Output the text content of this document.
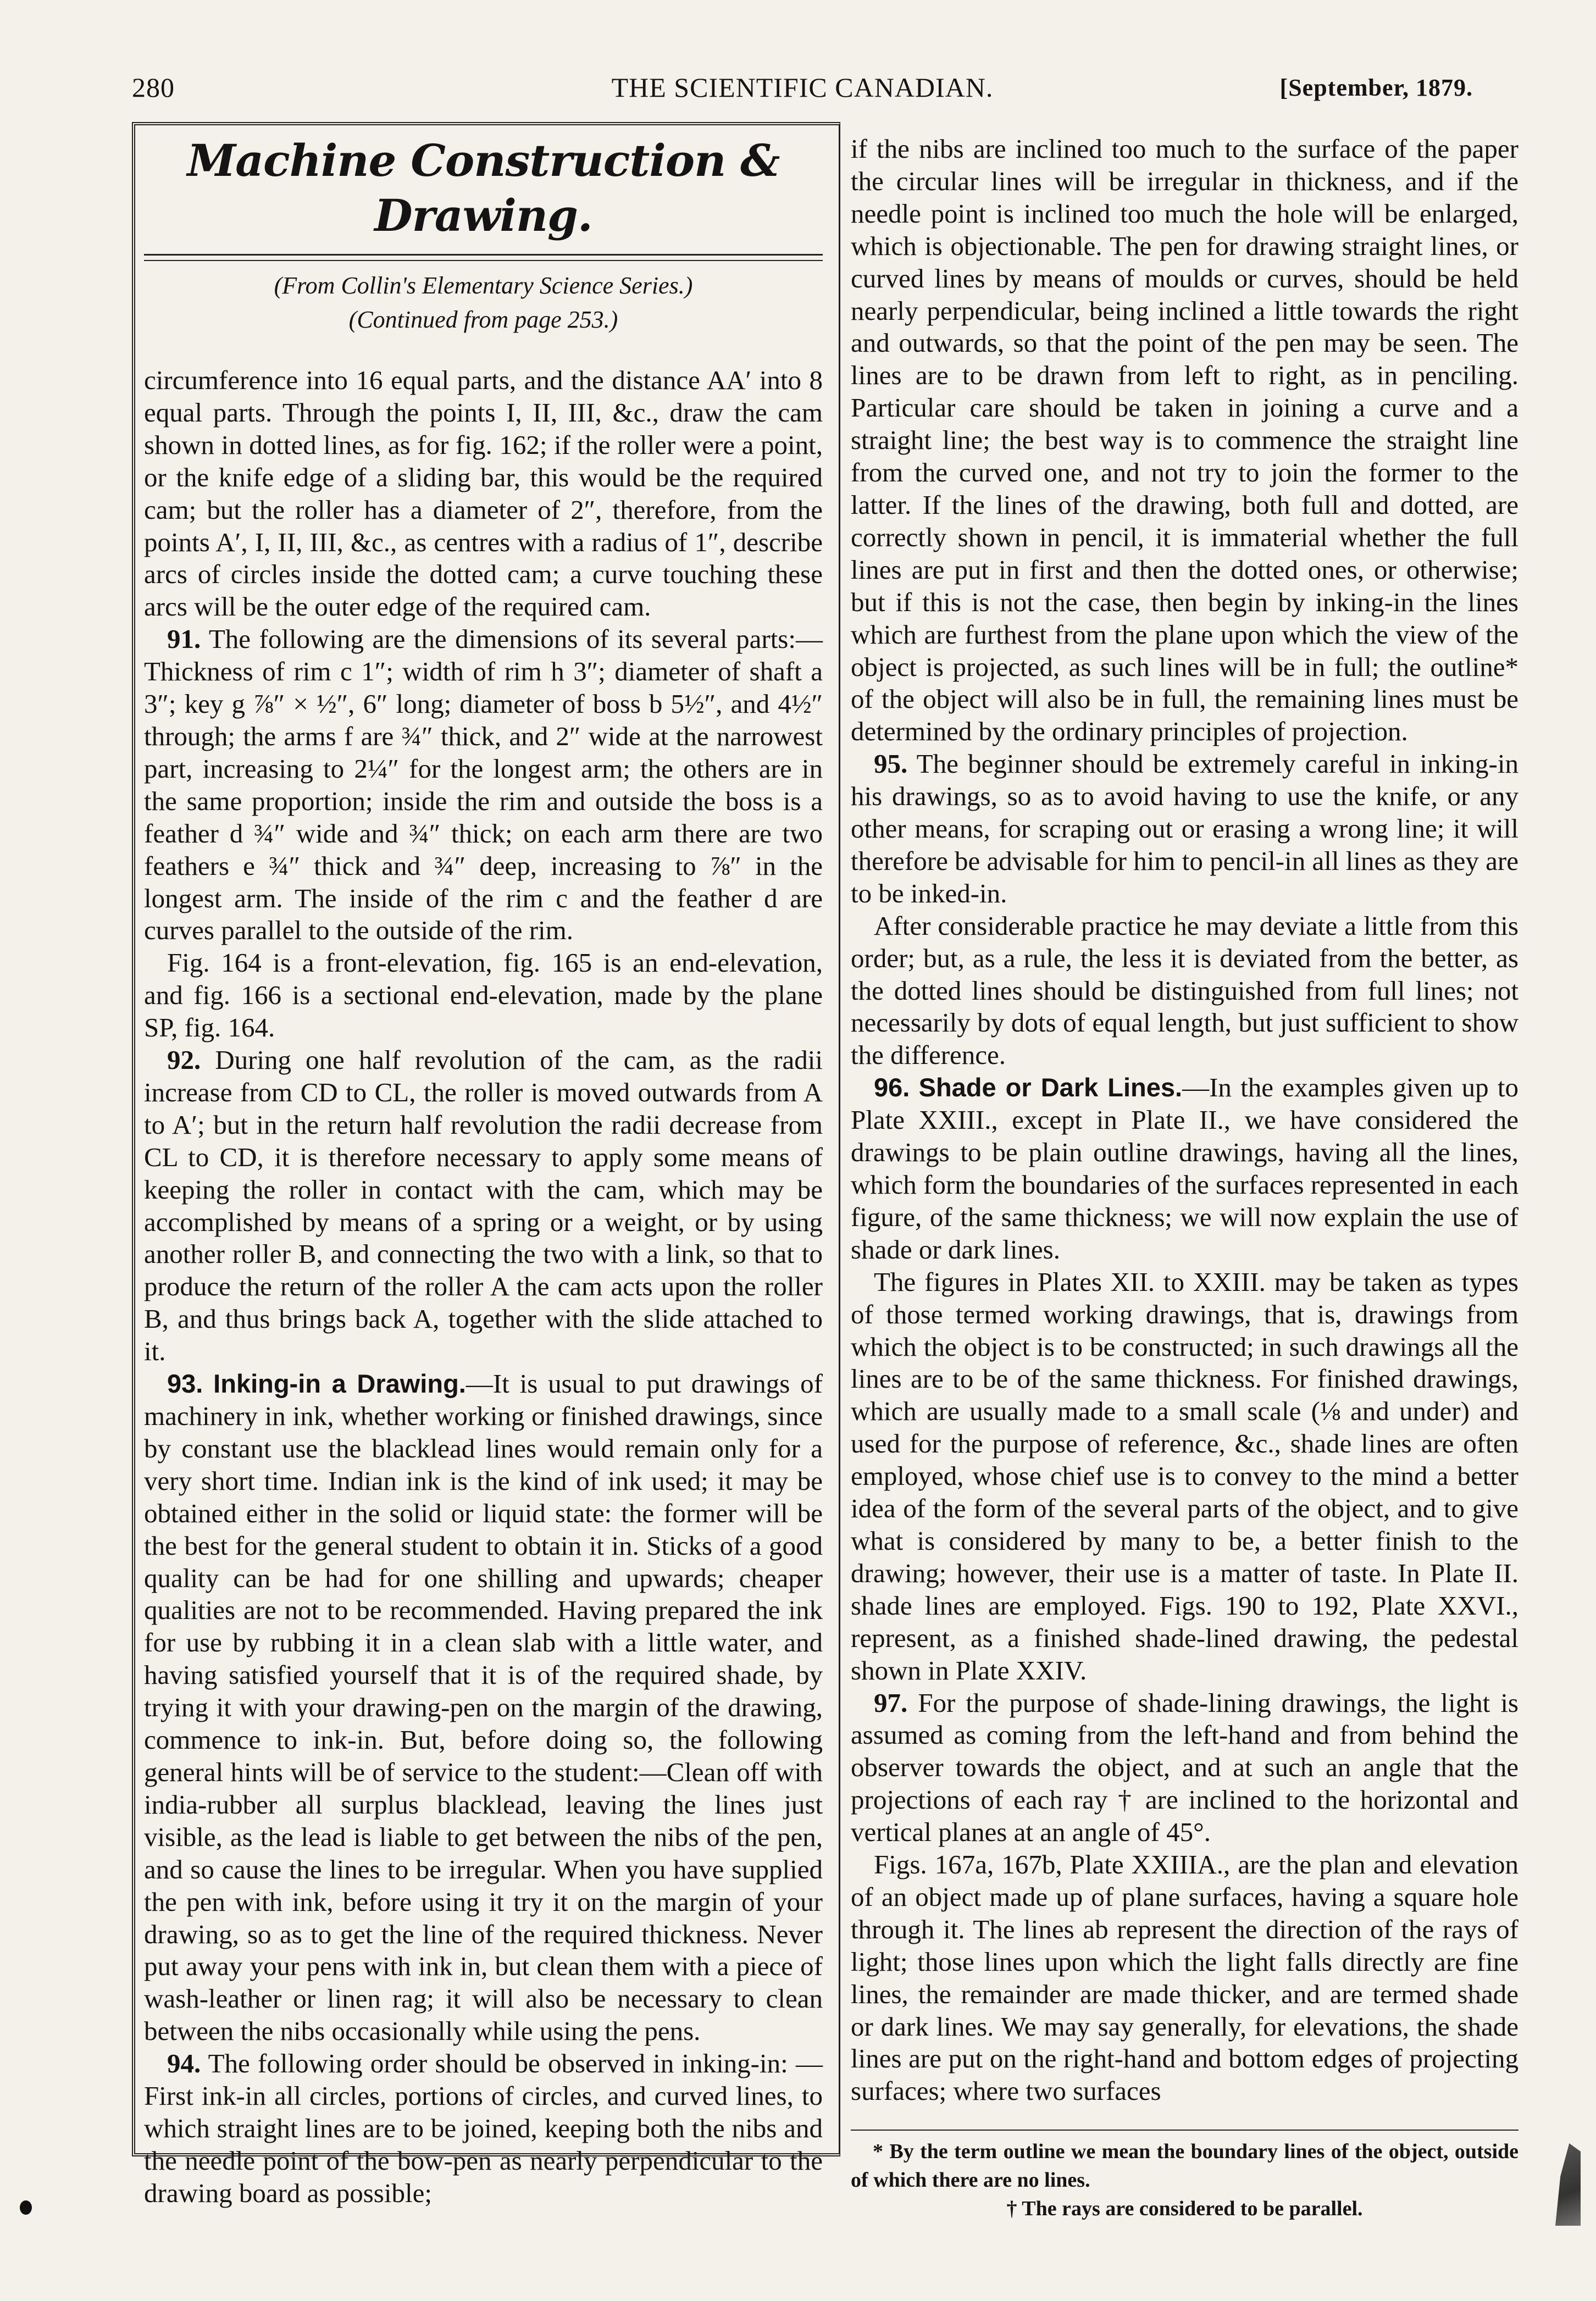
280	THE SCIENTIFIC CANADIAN.	[September, 1879.
Machine Construction & Drawing.
(From Collin's Elementary Science Series.)
(Continued from page 253.)

circumference into 16 equal parts, and the distance AA′ into 8 equal parts. Through the points I, II, III, &c., draw the cam shown in dotted lines, as for fig. 162; if the roller were a point, or the knife edge of a sliding bar, this would be the required cam; but the roller has a diameter of 2″, therefore, from the points A′, I, II, III, &c., as centres with a radius of 1″, describe arcs of circles inside the dotted cam; a curve touching these arcs will be the outer edge of the required cam.

91. The following are the dimensions of its several parts:—Thickness of rim c 1″; width of rim h 3″; diameter of shaft a 3″; key g ⅞″ × ½″, 6″ long; diameter of boss b 5½″, and 4½″ through; the arms f are ¾″ thick, and 2″ wide at the narrowest part, increasing to 2¼″ for the longest arm; the others are in the same proportion; inside the rim and outside the boss is a feather d ¾″ wide and ¾″ thick; on each arm there are two feathers e ¾″ thick and ¾″ deep, increasing to ⅞″ in the longest arm. The inside of the rim c and the feather d are curves parallel to the outside of the rim.

Fig. 164 is a front-elevation, fig. 165 is an end-elevation, and fig. 166 is a sectional end-elevation, made by the plane SP, fig. 164.

92. During one half revolution of the cam, as the radii increase from CD to CL, the roller is moved outwards from A to A′; but in the return half revolution the radii decrease from CL to CD, it is therefore necessary to apply some means of keeping the roller in contact with the cam, which may be accomplished by means of a spring or a weight, or by using another roller B, and connecting the two with a link, so that to produce the return of the roller A the cam acts upon the roller B, and thus brings back A, together with the slide attached to it.

93. Inking-in a Drawing.—It is usual to put drawings of machinery in ink, whether working or finished drawings, since by constant use the blacklead lines would remain only for a very short time. Indian ink is the kind of ink used; it may be obtained either in the solid or liquid state: the former will be the best for the general student to obtain it in. Sticks of a good quality can be had for one shilling and upwards; cheaper qualities are not to be recommended. Having prepared the ink for use by rubbing it in a clean slab with a little water, and having satisfied yourself that it is of the required shade, by trying it with your drawing-pen on the margin of the drawing, commence to ink-in. But, before doing so, the following general hints will be of service to the student:—Clean off with india-rubber all surplus blacklead, leaving the lines just visible, as the lead is liable to get between the nibs of the pen, and so cause the lines to be irregular. When you have supplied the pen with ink, before using it try it on the margin of your drawing, so as to get the line of the required thickness. Never put away your pens with ink in, but clean them with a piece of wash-leather or linen rag; it will also be necessary to clean between the nibs occasionally while using the pens.

94. The following order should be observed in inking-in: —First ink-in all circles, portions of circles, and curved lines, to which straight lines are to be joined, keeping both the nibs and the needle point of the bow-pen as nearly perpendicular to the drawing board as possible;

if the nibs are inclined too much to the surface of the paper the circular lines will be irregular in thickness, and if the needle point is inclined too much the hole will be enlarged, which is objectionable. The pen for drawing straight lines, or curved lines by means of moulds or curves, should be held nearly perpendicular, being inclined a little towards the right and outwards, so that the point of the pen may be seen. The lines are to be drawn from left to right, as in penciling. Particular care should be taken in joining a curve and a straight line; the best way is to commence the straight line from the curved one, and not try to join the former to the latter. If the lines of the drawing, both full and dotted, are correctly shown in pencil, it is immaterial whether the full lines are put in first and then the dotted ones, or otherwise; but if this is not the case, then begin by inking-in the lines which are furthest from the plane upon which the view of the object is projected, as such lines will be in full; the outline* of the object will also be in full, the remaining lines must be determined by the ordinary principles of projection.

95. The beginner should be extremely careful in inking-in his drawings, so as to avoid having to use the knife, or any other means, for scraping out or erasing a wrong line; it will therefore be advisable for him to pencil-in all lines as they are to be inked-in.

After considerable practice he may deviate a little from this order; but, as a rule, the less it is deviated from the better, as the dotted lines should be distinguished from full lines; not necessarily by dots of equal length, but just sufficient to show the difference.

96. Shade or Dark Lines.—In the examples given up to Plate XXIII., except in Plate II., we have considered the drawings to be plain outline drawings, having all the lines, which form the boundaries of the surfaces represented in each figure, of the same thickness; we will now explain the use of shade or dark lines.

The figures in Plates XII. to XXIII. may be taken as types of those termed working drawings, that is, drawings from which the object is to be constructed; in such drawings all the lines are to be of the same thickness. For finished drawings, which are usually made to a small scale (⅛ and under) and used for the purpose of reference, &c., shade lines are often employed, whose chief use is to convey to the mind a better idea of the form of the several parts of the object, and to give what is considered by many to be, a better finish to the drawing; however, their use is a matter of taste. In Plate II. shade lines are employed. Figs. 190 to 192, Plate XXVI., represent, as a finished shade-lined drawing, the pedestal shown in Plate XXIV.

97. For the purpose of shade-lining drawings, the light is assumed as coming from the left-hand and from behind the observer towards the object, and at such an angle that the projections of each ray † are inclined to the horizontal and vertical planes at an angle of 45°.

Figs. 167a, 167b, Plate XXIIIA., are the plan and elevation of an object made up of plane surfaces, having a square hole through it. The lines ab represent the direction of the rays of light; those lines upon which the light falls directly are fine lines, the remainder are made thicker, and are termed shade or dark lines. We may say generally, for elevations, the shade lines are put on the right-hand and bottom edges of projecting surfaces; where two surfaces

* By the term outline we mean the boundary lines of the object, outside of which there are no lines.
† The rays are considered to be parallel.
